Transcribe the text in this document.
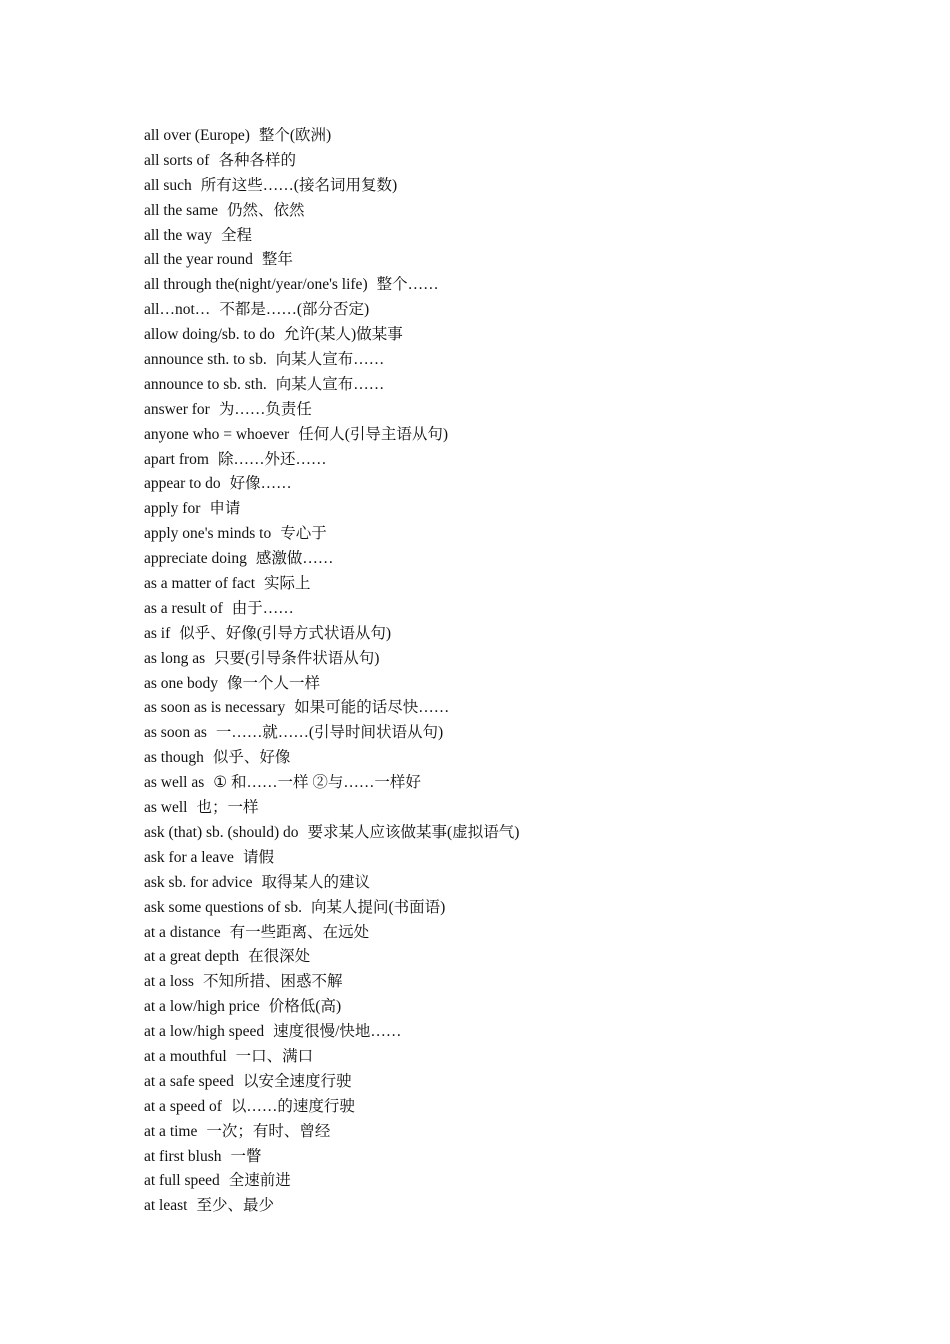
all over (Europe) 整个(欧洲)
all sorts of 各种各样的
all such 所有这些……(接名词用复数)
all the same 仍然、依然
all the way 全程
all the year round 整年
all through the(night/year/one's life) 整个……
all…not… 不都是……(部分否定)
allow doing/sb. to do 允许(某人)做某事
announce sth. to sb. 向某人宣布……
announce to sb. sth. 向某人宣布……
answer for 为……负责任
anyone who = whoever 任何人(引导主语从句)
apart from 除……外还……
appear to do 好像……
apply for 申请
apply one's minds to 专心于
appreciate doing 感激做……
as a matter of fact 实际上
as a result of 由于……
as if 似乎、好像(引导方式状语从句)
as long as 只要(引导条件状语从句)
as one body 像一个人一样
as soon as is necessary 如果可能的话尽快……
as soon as 一……就……(引导时间状语从句)
as though 似乎、好像
as well as ① 和……一样 ②与……一样好
as well 也；一样
ask (that) sb. (should) do 要求某人应该做某事(虚拟语气)
ask for a leave 请假
ask sb. for advice 取得某人的建议
ask some questions of sb. 向某人提问(书面语)
at a distance 有一些距离、在远处
at a great depth 在很深处
at a loss 不知所措、困惑不解
at a low/high price 价格低(高)
at a low/high speed 速度很慢/快地……
at a mouthful 一口、满口
at a safe speed 以安全速度行驶
at a speed of 以……的速度行驶
at a time 一次；有时、曾经
at first blush 一瞥
at full speed 全速前进
at least 至少、最少
